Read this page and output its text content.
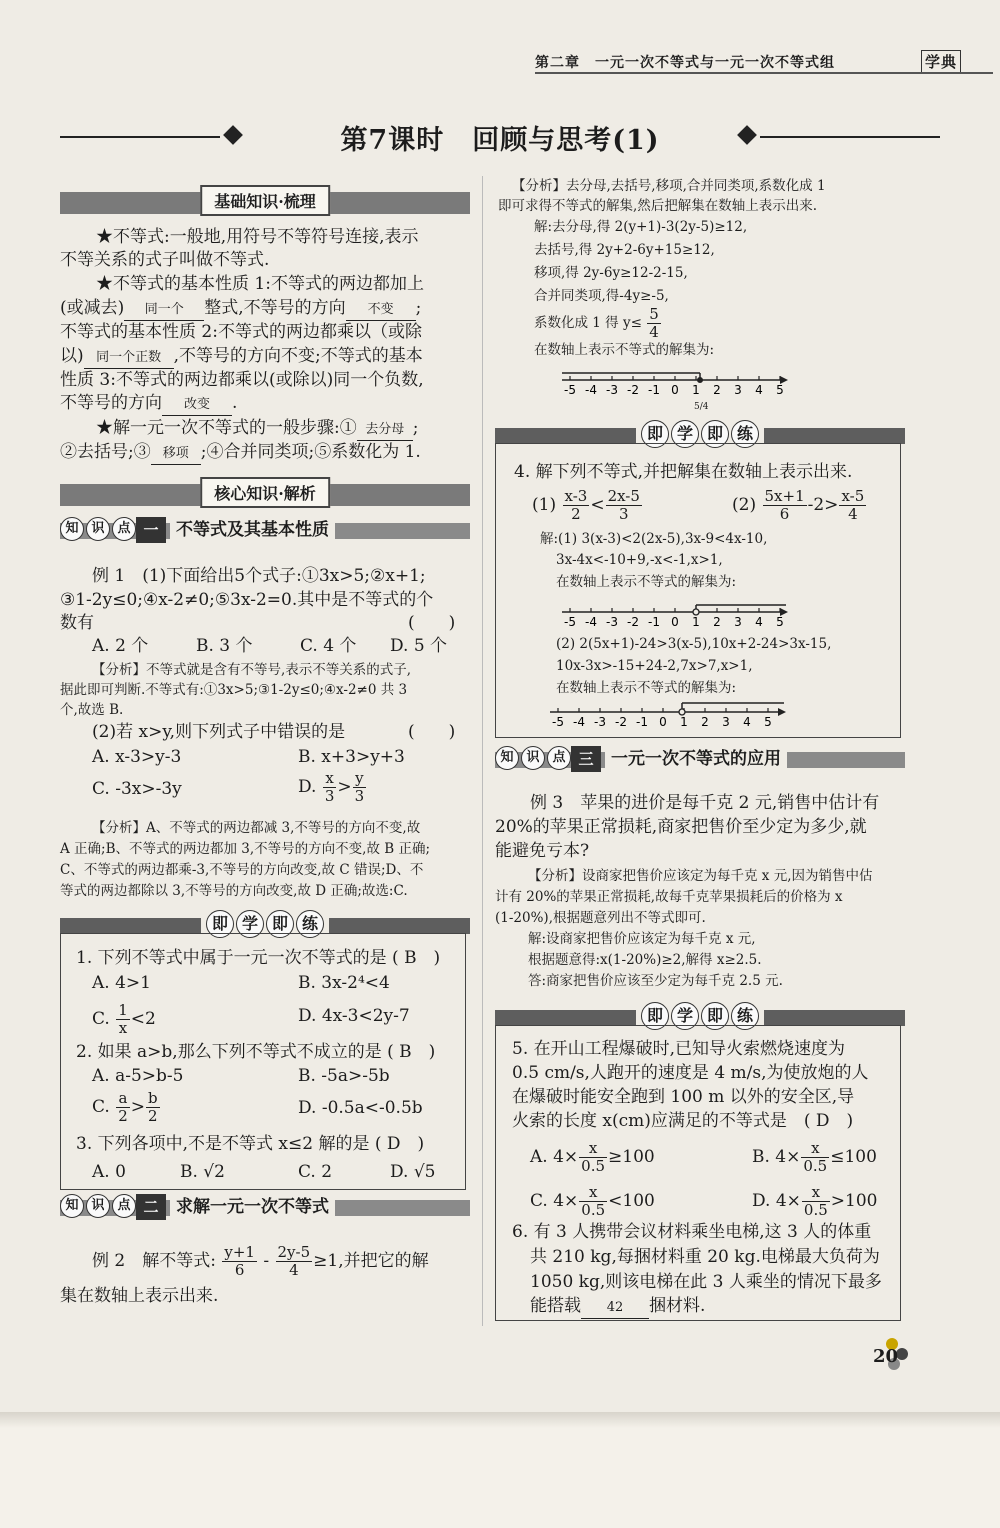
第二章　一元一次不等式与一元一次不等式组	学典
第7课时　回顾与思考(1)
基础知识·梳理
★不等式:一般地,用符号不等符号连接,表示
不等关系的式子叫做不等式.
★不等式的基本性质 1:不等式的两边都加上
(或减去) 同一个 整式,不等号的方向 不变 ;
不等式的基本性质 2:不等式的两边都乘以（或除
以) 同一个正数 ,不等号的方向不变;不等式的基本
性质 3:不等式的两边都乘以(或除以)同一个负数,
不等号的方向 改变 .
★解一元一次不等式的一般步骤:① 去分母 ;
②去括号;③ 移项 ;④合并同类项;⑤系数化为 1.
核心知识·解析
知 识 点 一	不等式及其基本性质
例 1　(1)下面给出5个式子:①3x>5;②x+1;
③1-2y≤0;④x-2≠0;⑤3x-2=0.其中是不等式的个
数有	(　　)
A. 2 个	B. 3 个	C. 4 个 D. 5 个
【分析】不等式就是含有不等号,表示不等关系的式子,
据此即可判断.不等式有:①3x>5;③1-2y≤0;④x-2≠0 共 3
个,故选 B.
(2)若 x>y,则下列式子中错误的是	(　　)
A. x-3>y-3	B. x+3>y+3
C. -3x>-3y	D. $\frac{x}{3} > \frac{y}{3}$
【分析】A、不等式的两边都减 3,不等号的方向不变,故
A 正确;B、不等式的两边都加 3,不等号的方向不变,故 B 正确;
C、不等式的两边都乘-3,不等号的方向改变,故 C 错误;D、不
等式的两边都除以 3,不等号的方向改变,故 D 正确;故选:C.
即 学 即 练
1. 下列不等式中属于一元一次不等式的是 ( B　)
A. 4>1	B. 3x-2⁴<4
C. $\frac{1}{x} <2$	D. 4x-3<2y-7
2. 如果 a>b,那么下列不等式不成立的是 ( B　)
A. a-5>b-5	B. -5a>-5b
C. $\frac{a}{2} > \frac{b}{2}$	D. -0.5a<-0.5b
3. 下列各项中,不是不等式 x≤2 解的是 ( D　)
A. 0	B. √2	C. 2	D. √5
知 识 点 二	求解一元一次不等式
例 2　解不等式: $\frac{y+1}{6} - \frac{2y-5}{4} \ge 1$,并把它的解
集在数轴上表示出来.
【分析】去分母,去括号,移项,合并同类项,系数化成 1
即可求得不等式的解集,然后把解集在数轴上表示出来.
解:去分母,得 2(y+1)-3(2y-5)≥12,
去括号,得 2y+2-6y+15≥12,
移项,得 2y-6y≥12-2-15,
合并同类项,得-4y≥-5,
系数化成 1 得 $y\le \frac{5}{4}$
在数轴上表示不等式的解集为:
-5 -4 -3 -2 -1 0 1 2 3 4 5
5/4
即 学 即 练
4. 解下列不等式,并把解集在数轴上表示出来.
$(1) \frac{x-3}{2} < \frac{2x-5}{3}$	$(2) \frac{5x+1}{6} -2> \frac{x-5}{4}$
解:(1) 3(x-3)<2(2x-5),3x-9<4x-10,
3x-4x<-10+9,-x<-1,x>1,
在数轴上表示不等式的解集为:
-5 -4 -3 -2 -1 0 1 2 3 4 5
(2) 2(5x+1)-24>3(x-5),10x+2-24>3x-15,
10x-3x>-15+24-2,7x>7,x>1,
在数轴上表示不等式的解集为:
-5 -4 -3 -2 -1 0 1 2 3 4 5
知 识 点 三	一元一次不等式的应用
例 3　苹果的进价是每千克 2 元,销售中估计有
20%的苹果正常损耗,商家把售价至少定为多少,就
能避免亏本?
【分析】设商家把售价应该定为每千克 x 元,因为销售中估
计有 20%的苹果正常损耗,故每千克苹果损耗后的价格为 x
(1-20%),根据题意列出不等式即可.
解:设商家把售价应该定为每千克 x 元,
根据题意得:x(1-20%)≥2,解得 x≥2.5.
答:商家把售价应该至少定为每千克 2.5 元.
即 学 即 练
5. 在开山工程爆破时,已知导火索燃烧速度为
0.5 cm/s,人跑开的速度是 4 m/s,为使放炮的人
在爆破时能安全跑到 100 m 以外的安全区,导
火索的长度 x(cm)应满足的不等式是　( D　)
A. $4\times \frac{x}{0.5} \ge 100$	B. $4\times \frac{x}{0.5} \le 100$
C. $4\times \frac{x}{0.5} <100$	D. $4\times \frac{x}{0.5} >100$
6. 有 3 人携带会议材料乘坐电梯,这 3 人的体重
共 210 kg,每捆材料重 20 kg.电梯最大负荷为
1050 kg,则该电梯在此 3 人乘坐的情况下最多
能搭载 42 捆材料.
20
